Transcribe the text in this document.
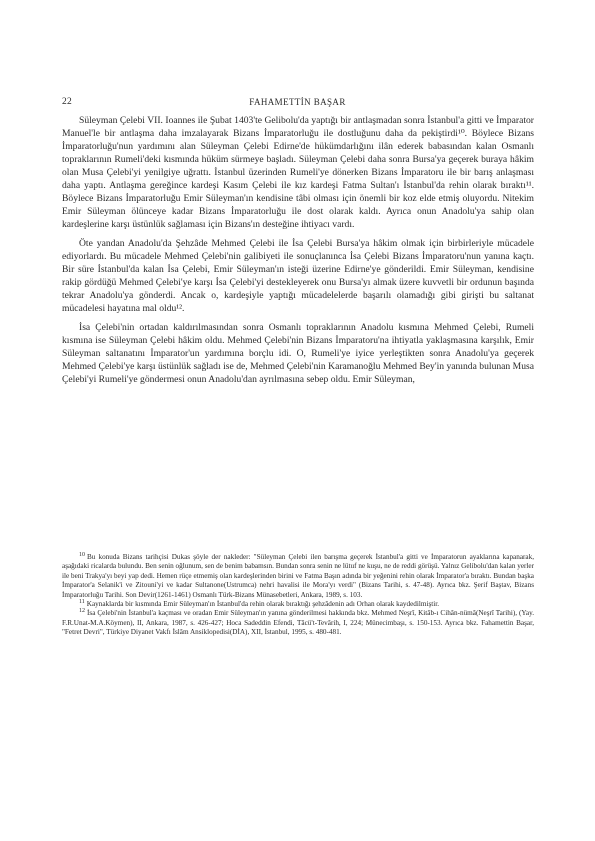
22	FAHAMETTİN BAŞAR

Süleyman Çelebi VII. Ioannes ile Şubat 1403'te Gelibolu'da yaptığı bir antlaşmadan sonra İstanbul'a gitti ve İmparator Manuel'le bir antlaşma daha imzalayarak Bizans İmparatorluğu ile dostluğunu daha da pekiştirdi¹⁰. Böylece Bizans İmparatorluğu'nun yardımını alan Süleyman Çelebi Edirne'de hükümdarlığını ilân ederek babasından kalan Osmanlı topraklarının Rumeli'deki kısmında hüküm sürmeye başladı. Süleyman Çelebi daha sonra Bursa'ya geçerek buraya hâkim olan Musa Çelebi'yi yenilgiye uğrattı. İstanbul üzerinden Rumeli'ye dönerken Bizans İmparatoru ile bir barış anlaşması daha yaptı. Antlaşma gereğince kardeşi Kasım Çelebi ile kız kardeşi Fatma Sultan'ı İstanbul'da rehin olarak bıraktı¹¹. Böylece Bizans İmparatorluğu Emir Süleyman'ın kendisine tâbi olması için önemli bir koz elde etmiş oluyordu. Nitekim Emir Süleyman ölünceye kadar Bizans İmparatorluğu ile dost olarak kaldı. Ayrıca onun Anadolu'ya sahip olan kardeşlerine karşı üstünlük sağlaması için Bizans'ın desteğine ihtiyacı vardı.

Öte yandan Anadolu'da Şehzâde Mehmed Çelebi ile İsa Çelebi Bursa'ya hâkim olmak için birbirleriyle mücadele ediyorlardı. Bu mücadele Mehmed Çelebi'nin galibiyeti ile sonuçlanınca İsa Çelebi Bizans İmparatoru'nun yanına kaçtı. Bir süre İstanbul'da kalan İsa Çelebi, Emir Süleyman'ın isteği üzerine Edirne'ye gönderildi. Emir Süleyman, kendisine rakip gördüğü Mehmed Çelebi'ye karşı İsa Çelebi'yi destekleyerek onu Bursa'yı almak üzere kuvvetli bir ordunun başında tekrar Anadolu'ya gönderdi. Ancak o, kardeşiyle yaptığı mücadelelerde başarılı olamadığı gibi girişti bu saltanat mücadelesi hayatına mal oldu¹².

İsa Çelebi'nin ortadan kaldırılmasından sonra Osmanlı topraklarının Anadolu kısmına Mehmed Çelebi, Rumeli kısmına ise Süleyman Çelebi hâkim oldu. Mehmed Çelebi'nin Bizans İmparatoru'na ihtiyatla yaklaşmasına karşılık, Emir Süleyman saltanatını İmparator'un yardımına borçlu idi. O, Rumeli'ye iyice yerleştikten sonra Anadolu'ya geçerek Mehmed Çelebi'ye karşı üstünlük sağladı ise de, Mehmed Çelebi'nin Karamanoğlu Mehmed Bey'in yanında bulunan Musa Çelebi'yi Rumeli'ye göndermesi onun Anadolu'dan ayrılmasına sebep oldu. Emir Süleyman,

$^{10}$ Bu konuda Bizans tarihçisi Dukas şöyle der nakleder: "Süleyman Çelebi ilen barışma geçerek İstanbul'a gitti ve İmparatorun ayaklarına kapanarak, aşağıdaki ricalarda bulundu. Ben senin oğlunum, sen de benim babamsın. Bundan sonra senin ne lütuf ne kuşu, ne de reddi görüşü. Yalnız Gelibolu'dan kalan yerler ile beni Trakya'yı beyi yap dedi. Hemen rüçe etmemiş olan kardeşlerinden birini ve Fatma Başın adında bir yeğenini rehin olarak İmparator'a bıraktı. Bundan başka İmparator'a Selanik'i ve Zitouni'yi ve kadar Sultanone(Ustrumca) nehri havalisi ile Mora'yı verdi" (Bizans Tarihi, s. 47-48). Ayrıca bkz. Şerif Baştav, Bizans İmparatorluğu Tarihi. Son Devir(1261-1461) Osmanlı Türk-Bizans Münasebetleri, Ankara, 1989, s. 103.

$^{11}$ Kaynaklarda bir kısmında Emir Süleyman'ın İstanbul'da rehin olarak bıraktığı şehzâdenin adı Orhan olarak kaydedilmiştir.

$^{12}$ İsa Çelebi'nin İstanbul'a kaçması ve oradan Emir Süleyman'ın yanına gönderilmesi hakkında bkz. Mehmed Neşrî, Kitâb-ı Cihân-nümâ(Neşrî Tarihi), (Yay. F.R.Unat-M.A.Köymen), II, Ankara, 1987, s. 426-427; Hoca Sadeddin Efendi, Tâcü't-Tevârih, I, 224; Münecimbaşı, s. 150-153. Ayrıca bkz. Fahamettin Başar, "Fetret Devri", Türkiye Diyanet Vakfı İslâm Ansiklopedisi(DİA), XII, İstanbul, 1995, s. 480-481.
